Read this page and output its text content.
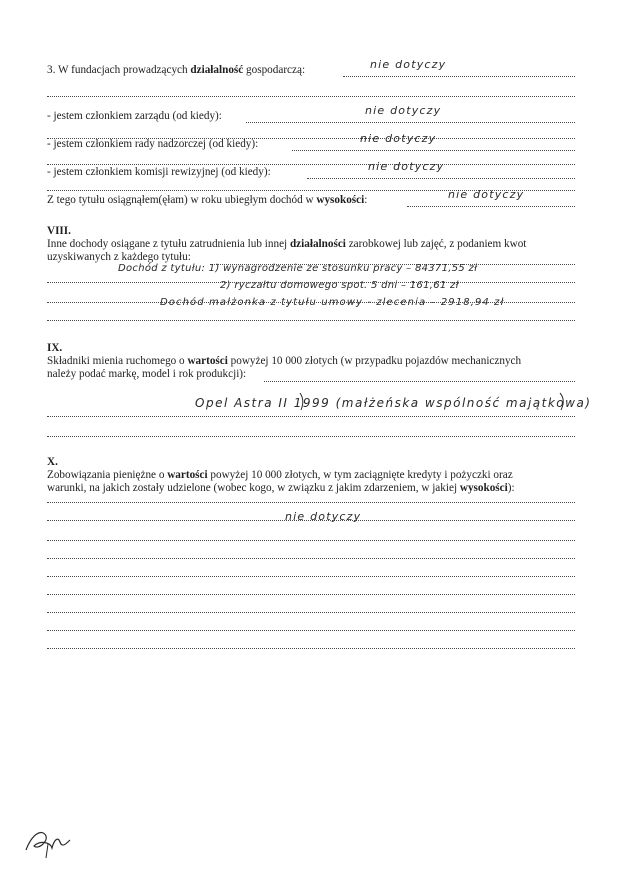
3. W fundacjach prowadzących działalność gospodarczą:	nie dotyczy
- jestem członkiem zarządu (od kiedy):	nie dotyczy
- jestem członkiem rady nadzorczej (od kiedy):	nie dotyczy
- jestem członkiem komisji rewizyjnej (od kiedy):	nie dotyczy
Z tego tytułu osiągnąłem(ęłam) w roku ubiegłym dochód w wysokości:	nie dotyczy
VIII.
Inne dochody osiągane z tytułu zatrudnienia lub innej działalności zarobkowej lub zajęć, z podaniem kwot
uzyskiwanych z każdego tytułu:
Dochód z tytułu: 1) wynagrodzenie ze stosunku pracy – 84371,55 zł
2) ryczałtu domowego spot. 5 dni – 161,61 zł
Dochód małżonka z tytułu umowy - zlecenia – 2918,94 zł
IX.
Składniki mienia ruchomego o wartości powyżej 10 000 złotych (w przypadku pojazdów mechanicznych
należy podać markę, model i rok produkcji):
Opel Astra II 1999 (małżeńska wspólność majątkowa)
X.
Zobowiązania pieniężne o wartości powyżej 10 000 złotych, w tym zaciągnięte kredyty i pożyczki oraz
warunki, na jakich zostały udzielone (wobec kogo, w związku z jakim zdarzeniem, w jakiej wysokości):
nie dotyczy
